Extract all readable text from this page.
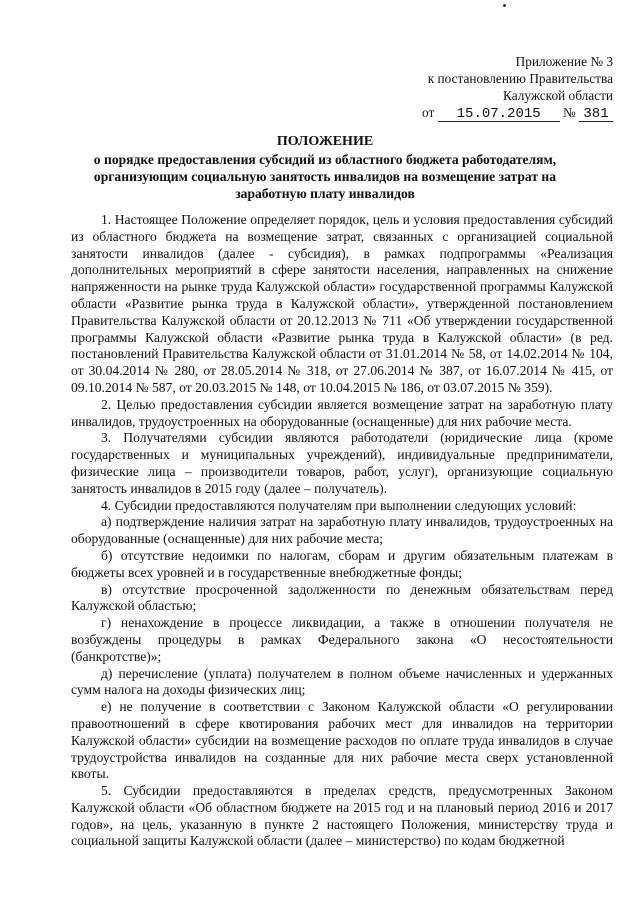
Приложение № 3
к постановлению Правительства
Калужской области
от 15.07.2015 № 381
ПОЛОЖЕНИЕ
о порядке предоставления субсидий из областного бюджета работодателям, организующим социальную занятость инвалидов на возмещение затрат на заработную плату инвалидов

1. Настоящее Положение определяет порядок, цель и условия предоставления субсидий из областного бюджета на возмещение затрат, связанных с организацией социальной занятости инвалидов (далее - субсидия), в рамках подпрограммы «Реализация дополнительных мероприятий в сфере занятости населения, направленных на снижение напряженности на рынке труда Калужской области» государственной программы Калужской области «Развитие рынка труда в Калужской области», утвержденной постановлением Правительства Калужской области от 20.12.2013 № 711 «Об утверждении государственной программы Калужской области «Развитие рынка труда в Калужской области» (в ред. постановлений Правительства Калужской области от 31.01.2014 № 58, от 14.02.2014 № 104, от 30.04.2014 № 280, от 28.05.2014 № 318, от 27.06.2014 № 387, от 16.07.2014 № 415, от 09.10.2014 № 587, от 20.03.2015 № 148, от 10.04.2015 № 186, от 03.07.2015 № 359).

2. Целью предоставления субсидии является возмещение затрат на заработную плату инвалидов, трудоустроенных на оборудованные (оснащенные) для них рабочие места.

3. Получателями субсидии являются работодатели (юридические лица (кроме государственных и муниципальных учреждений), индивидуальные предприниматели, физические лица – производители товаров, работ, услуг), организующие социальную занятость инвалидов в 2015 году (далее – получатель).

4. Субсидии предоставляются получателям при выполнении следующих условий:

а) подтверждение наличия затрат на заработную плату инвалидов, трудоустроенных на оборудованные (оснащенные) для них рабочие места;

б) отсутствие недоимки по налогам, сборам и другим обязательным платежам в бюджеты всех уровней и в государственные внебюджетные фонды;

в) отсутствие просроченной задолженности по денежным обязательствам перед Калужской областью;

г) ненахождение в процессе ликвидации, а также в отношении получателя не возбуждены процедуры в рамках Федерального закона «О несостоятельности (банкротстве)»;

д) перечисление (уплата) получателем в полном объеме начисленных и удержанных сумм налога на доходы физических лиц;

е) не получение в соответствии с Законом Калужской области «О регулировании правоотношений в сфере квотирования рабочих мест для инвалидов на территории Калужской области» субсидии на возмещение расходов по оплате труда инвалидов в случае трудоустройства инвалидов на созданные для них рабочие места сверх установленной квоты.

5. Субсидии предоставляются в пределах средств, предусмотренных Законом Калужской области «Об областном бюджете на 2015 год и на плановый период 2016 и 2017 годов», на цель, указанную в пункте 2 настоящего Положения, министерству труда и социальной защиты Калужской области (далее – министерство) по кодам бюджетной
